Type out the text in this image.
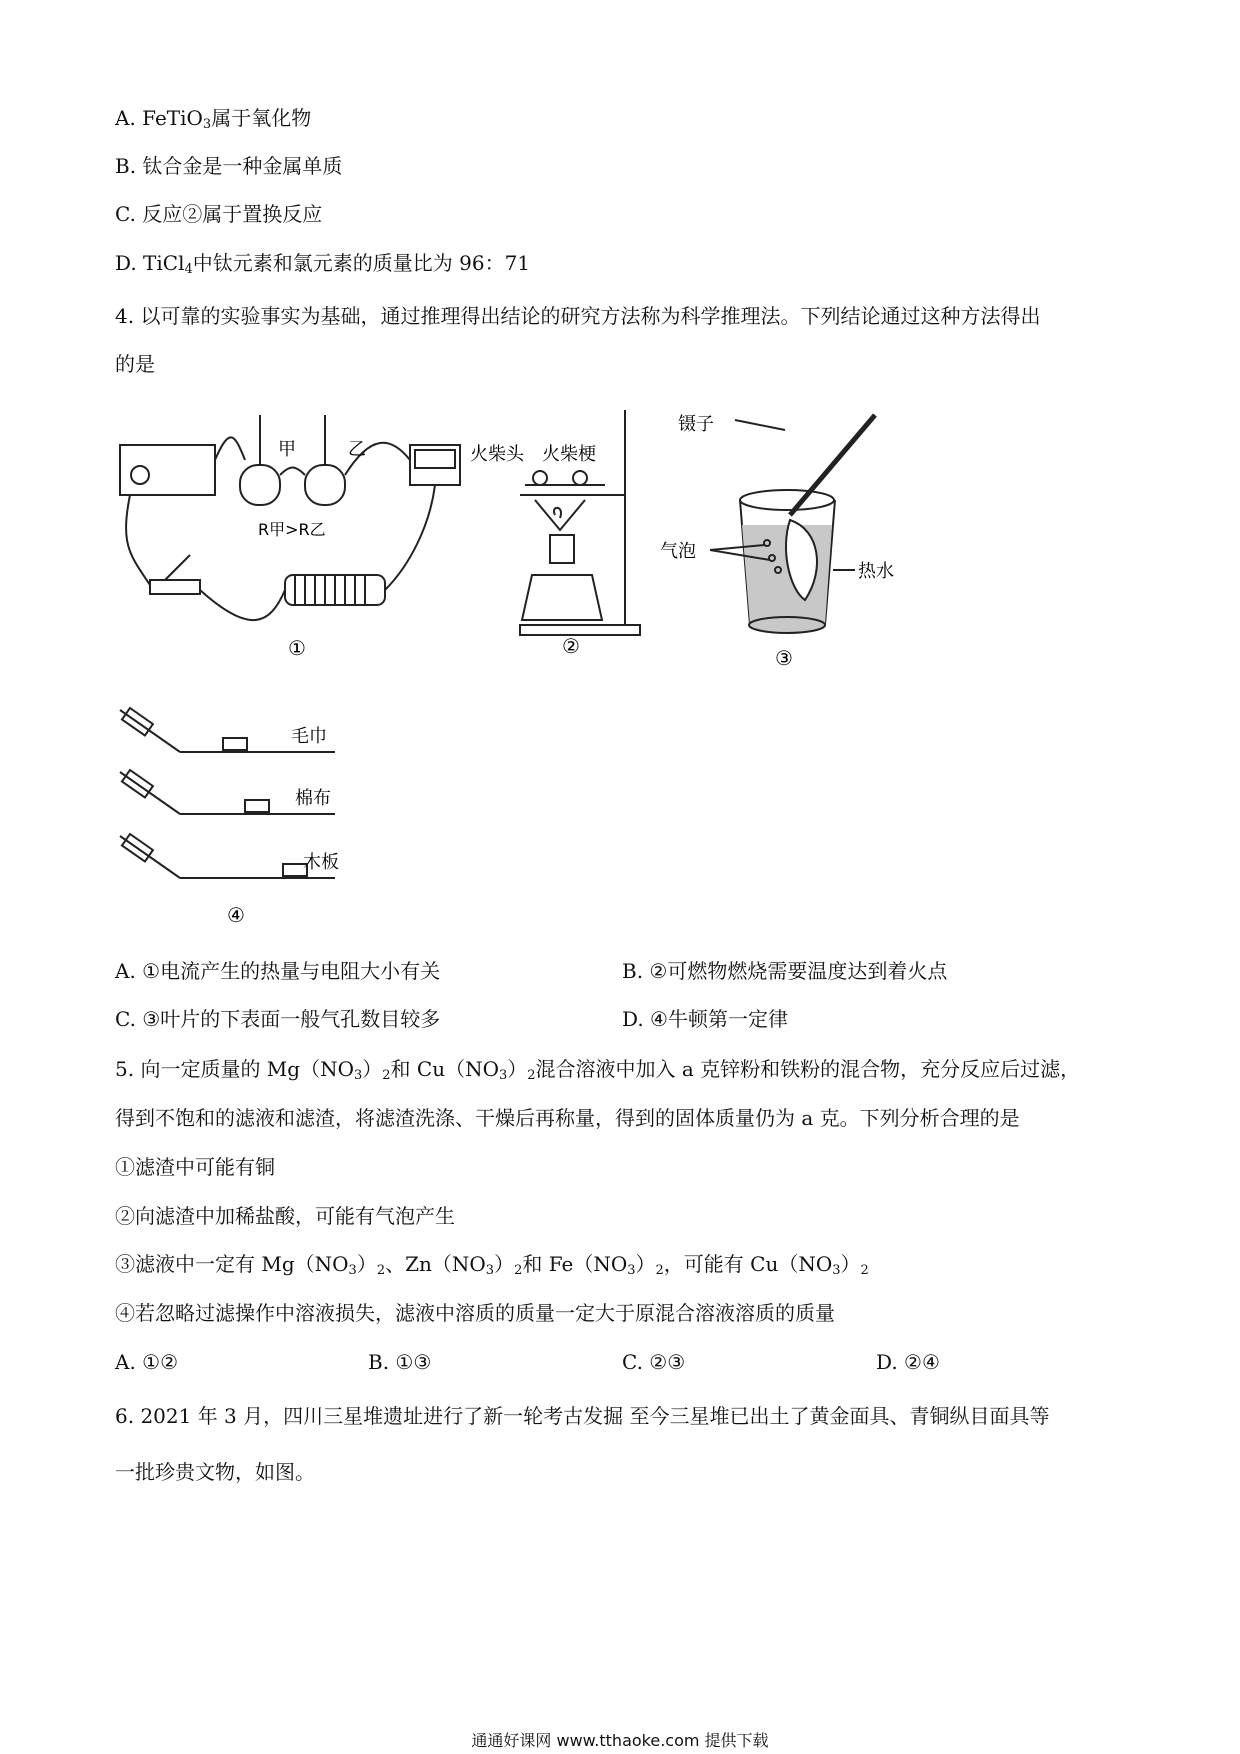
A. FeTiO$_3$属于氧化物
B. 钛合金是一种金属单质
C. 反应②属于置换反应
D. TiCl$_4$中钛元素和氯元素的质量比为 96：71
4. 以可靠的实验事实为基础，通过推理得出结论的研究方法称为科学推理法。下列结论通过这种方法得出
的是
甲	乙
R甲>R乙
①
火柴头 火柴梗
②
镊子
气泡
热水
③
毛巾
棉布
木板
④
A. ①电流产生的热量与电阻大小有关	B. ②可燃物燃烧需要温度达到着火点
C. ③叶片的下表面一般气孔数目较多	D. ④牛顿第一定律
5. 向一定质量的 $Mg(NO_3)_2$和 $Cu(NO_3)_2$混合溶液中加入 a 克锌粉和铁粉的混合物，充分反应后过滤，
得到不饱和的滤液和滤渣，将滤渣洗涤、干燥后再称量，得到的固体质量仍为 a 克。下列分析合理的是
①滤渣中可能有铜
②向滤渣中加稀盐酸，可能有气泡产生
③滤液中一定有 $Mg(NO_3)_2$、$Zn(NO_3)_2$和 $Fe(NO_3)_2$，可能有 $Cu(NO_3)_2$
④若忽略过滤操作中溶液损失，滤液中溶质的质量一定大于原混合溶液溶质的质量
A. ①②	B. ①③	C. ②③	D. ②④
6. 2021 年 3 月，四川三星堆遗址进行了新一轮考古发掘 至今三星堆已出土了黄金面具、青铜纵目面具等
一批珍贵文物，如图。
通通好课网 www.tthaoke.com 提供下载
